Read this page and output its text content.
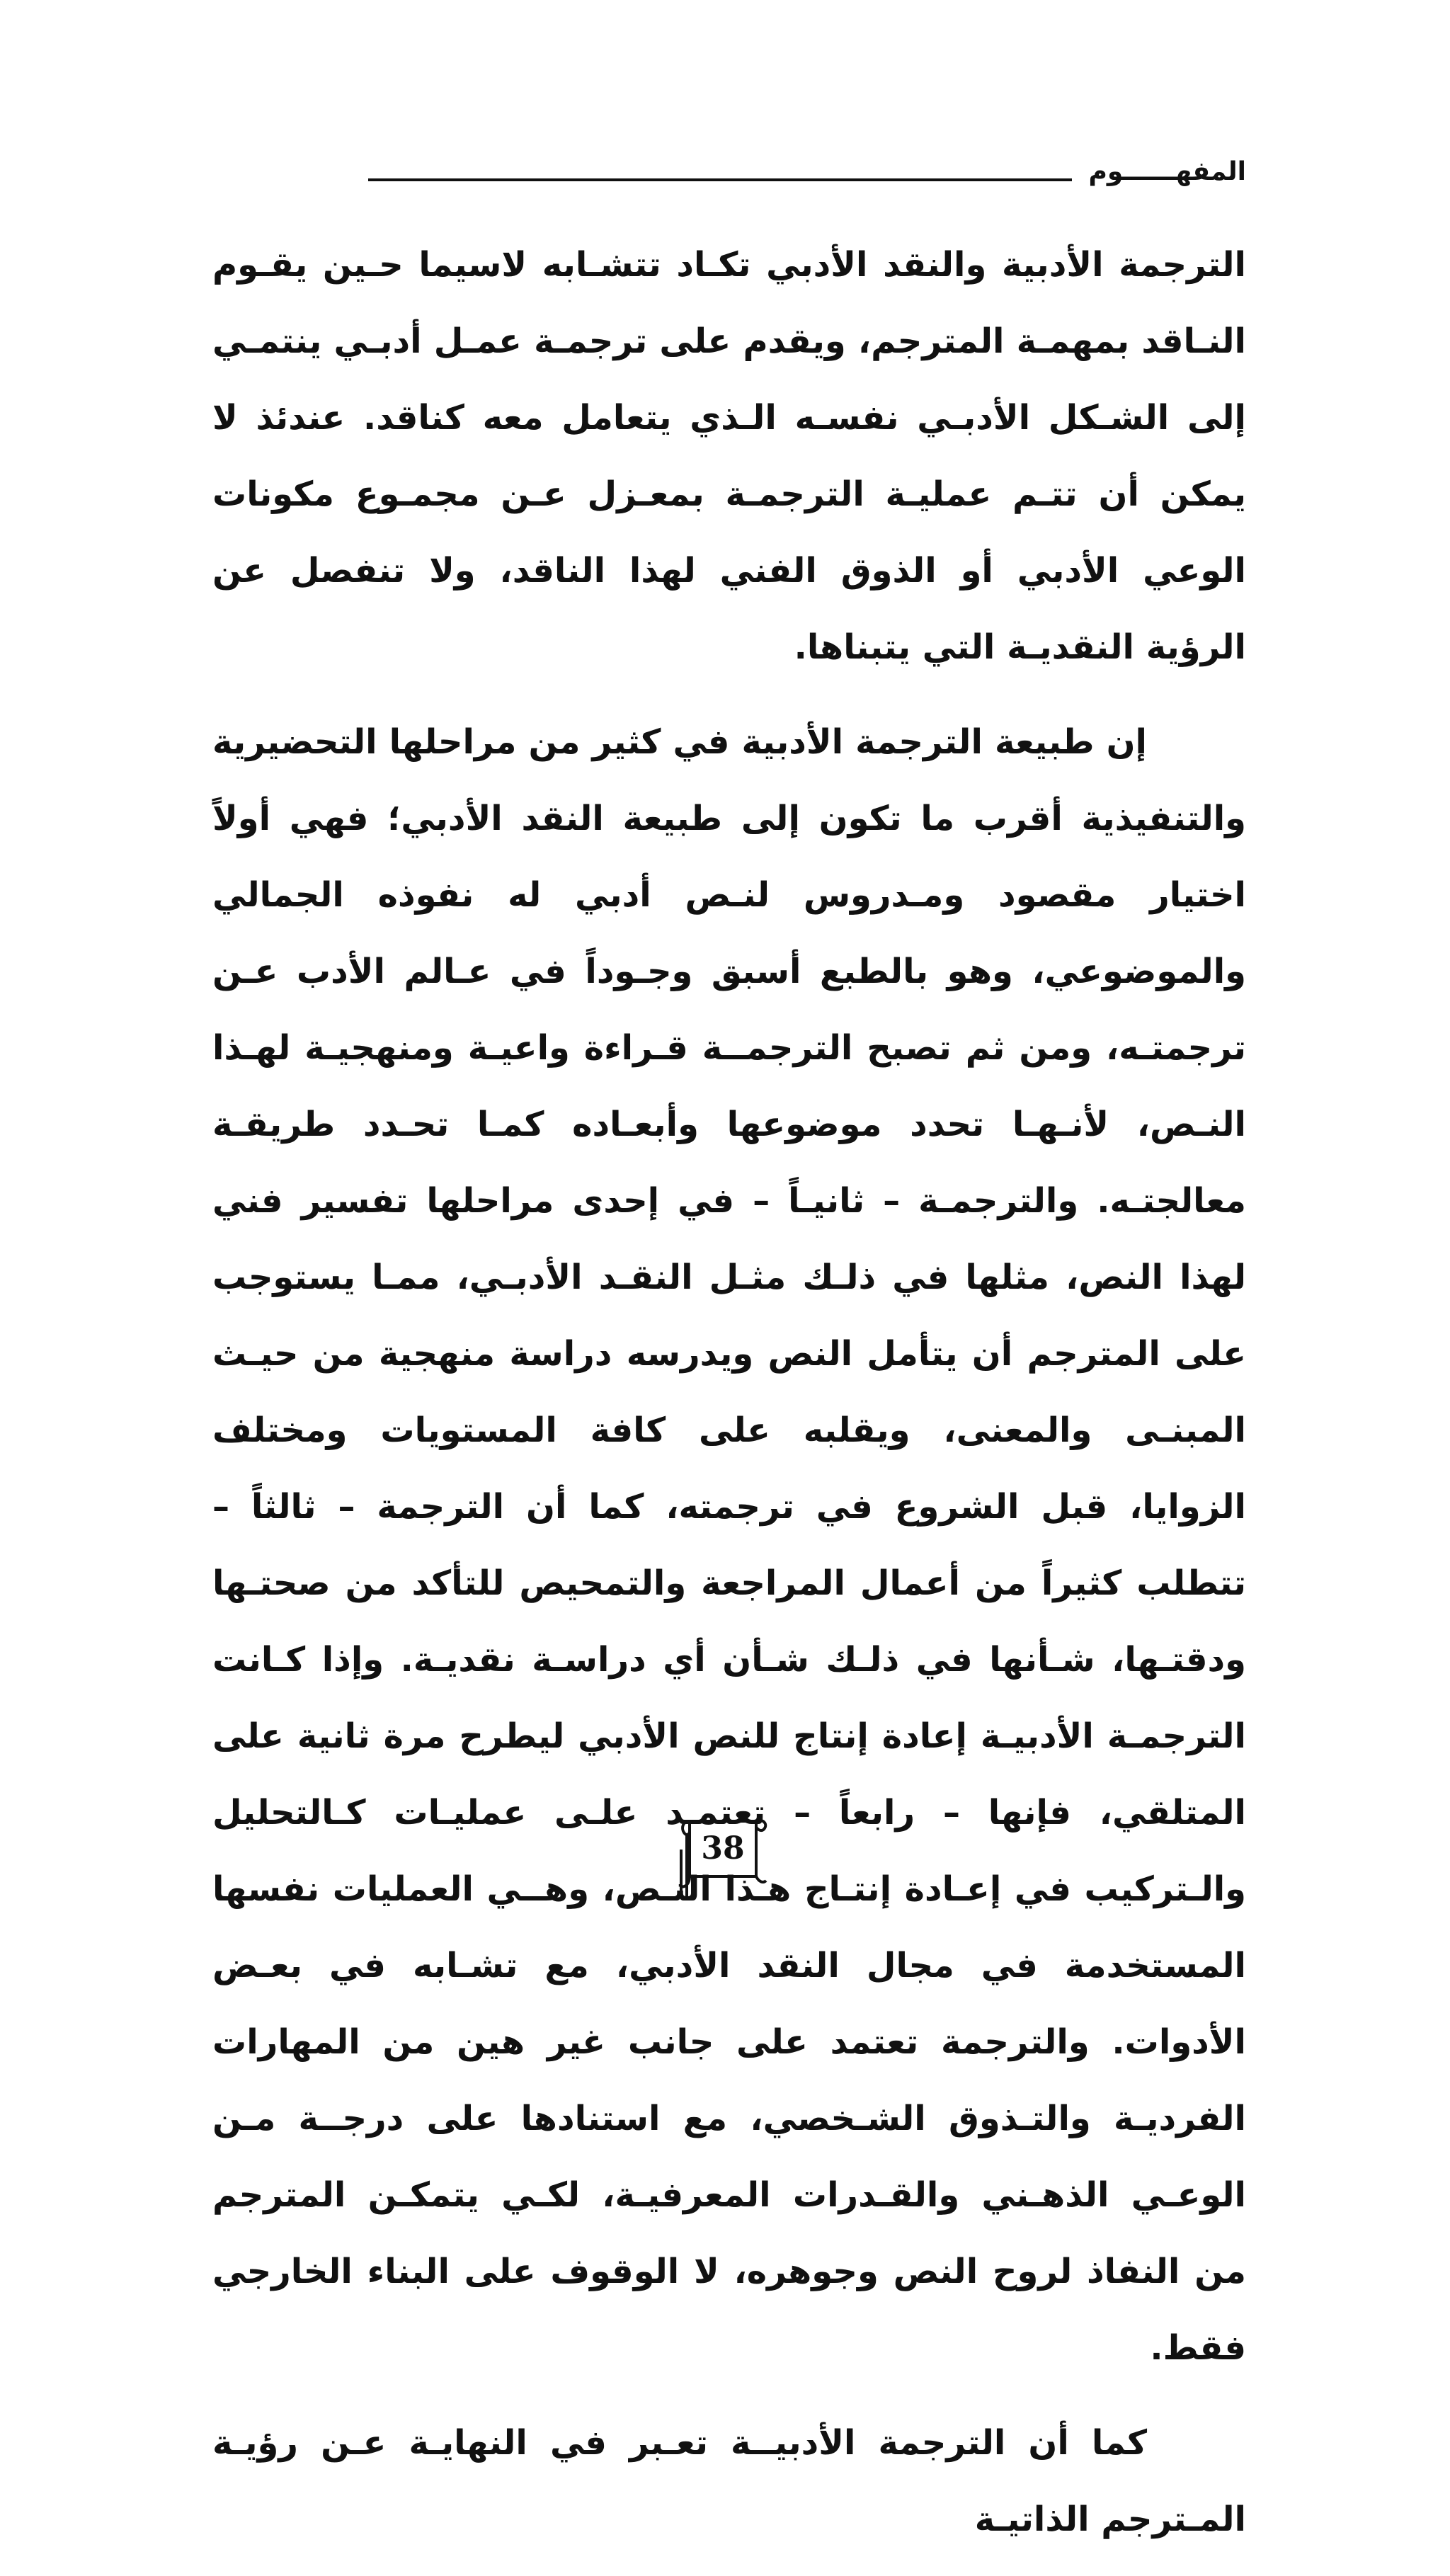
المفهــــــوم

الترجمة الأدبية والنقد الأدبي تكـاد تتشـابه لاسيما حـين يقـوم النـاقد بمهمـة المترجم، ويقدم على ترجمـة عمـل أدبـي ينتمـي إلى الشـكل الأدبـي نفسـه الـذي يتعامل معه كناقد. عندئذ لا يمكن أن تتـم عمليـة الترجمـة بمعـزل عـن مجمـوع مكونات الوعي الأدبي أو الذوق الفني لهذا الناقد، ولا تنفصل عن الرؤية النقديـة التي يتبناها.

إن طبيعة الترجمة الأدبية في كثير من مراحلها التحضيرية والتنفيذية أقرب ما تكون إلى طبيعة النقد الأدبي؛ فهي أولاً اختيار مقصود ومـدروس لنـص أدبي له نفوذه الجمالي والموضوعي، وهو بالطبع أسبق وجـوداً في عـالم الأدب عـن ترجمتـه، ومن ثم تصبح الترجمــة قـراءة واعيـة ومنهجيـة لهـذا النـص، لأنـهـا تحدد موضوعها وأبعـاده كمـا تحـدد طريقـة معالجتـه. والترجمـة – ثانيـاً – في إحدى مراحلها تفسير فني لهذا النص، مثلها في ذلـك مثـل النقـد الأدبـي، ممـا يستوجب على المترجم أن يتأمل النص ويدرسه دراسة منهجية من حيـث المبنـى والمعنى، ويقلبه على كافة المستويات ومختلف الزوايا، قبل الشروع في ترجمته، كما أن الترجمة – ثالثاً – تتطلب كثيراً من أعمال المراجعة والتمحيص للتأكد من صحتـها ودقتـها، شـأنها في ذلـك شـأن أي دراسـة نقديـة. وإذا كـانت الترجمـة الأدبيـة إعادة إنتاج للنص الأدبي ليطرح مرة ثانية على المتلقي، فإنها – رابعاً – تعتمـد علـى عمليـات كـالتحليل والـتركيب في إعـادة إنتـاج هـذا النـص، وهــي العمليات نفسها المستخدمة في مجال النقد الأدبي، مع تشـابه في بعـض الأدوات. والترجمة تعتمد على جانب غير هين من المهارات الفرديـة والتـذوق الشـخصي، مع استنادها على درجــة مـن الوعـي الذهـني والقـدرات المعرفيـة، لكـي يتمكـن المترجم من النفاذ لروح النص وجوهره، لا الوقوف على البناء الخارجي فقط.

كما أن الترجمة الأدبيــة تعـبر في النهايـة عـن رؤيـة المـترجم الذاتيـة

38
